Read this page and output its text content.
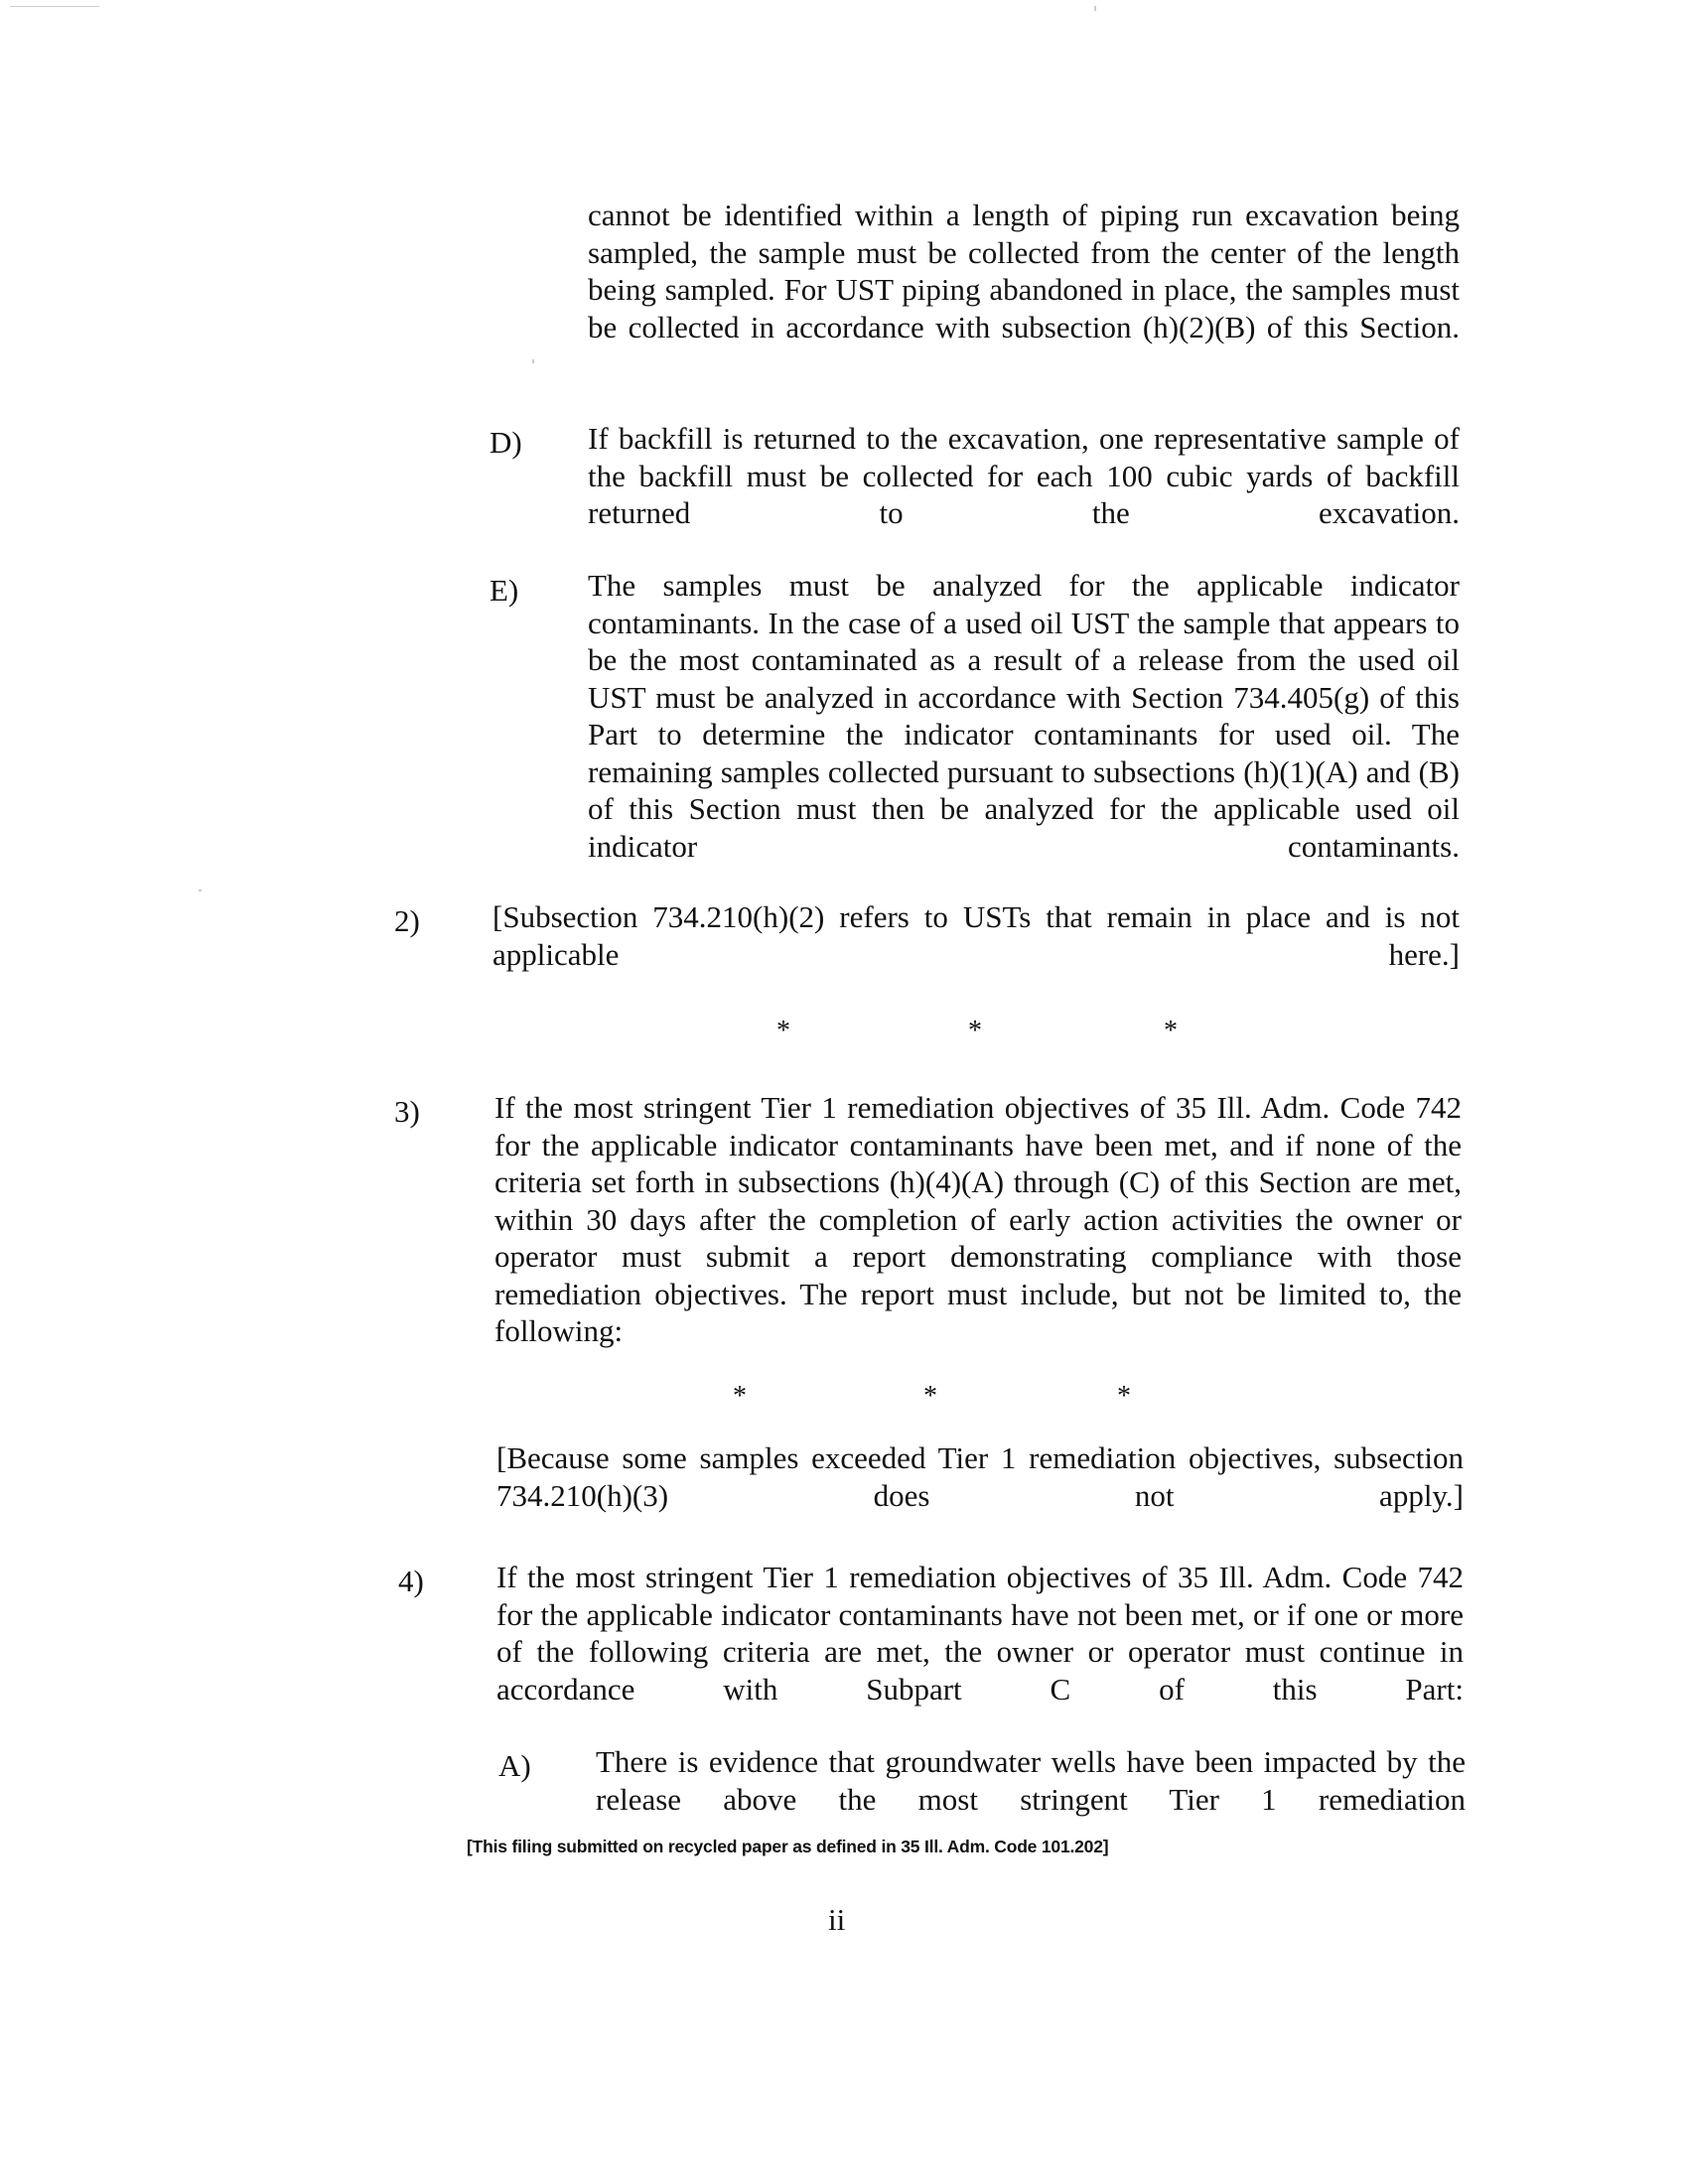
cannot be identified within a length of piping run excavation being sampled, the sample must be collected from the center of the length being sampled. For UST piping abandoned in place, the samples must be collected in accordance with subsection (h)(2)(B) of this Section.

D) If backfill is returned to the excavation, one representative sample of the backfill must be collected for each 100 cubic yards of backfill returned to the excavation.

E) The samples must be analyzed for the applicable indicator contaminants. In the case of a used oil UST the sample that appears to be the most contaminated as a result of a release from the used oil UST must be analyzed in accordance with Section 734.405(g) of this Part to determine the indicator contaminants for used oil. The remaining samples collected pursuant to subsections (h)(1)(A) and (B) of this Section must then be analyzed for the applicable used oil indicator contaminants.

2) [Subsection 734.210(h)(2) refers to USTs that remain in place and is not applicable here.]

*	*	*

3) If the most stringent Tier 1 remediation objectives of 35 Ill. Adm. Code 742 for the applicable indicator contaminants have been met, and if none of the criteria set forth in subsections (h)(4)(A) through (C) of this Section are met, within 30 days after the completion of early action activities the owner or operator must submit a report demonstrating compliance with those remediation objectives. The report must include, but not be limited to, the following:

*	*	*

[Because some samples exceeded Tier 1 remediation objectives, subsection 734.210(h)(3) does not apply.]

4) If the most stringent Tier 1 remediation objectives of 35 Ill. Adm. Code 742 for the applicable indicator contaminants have not been met, or if one or more of the following criteria are met, the owner or operator must continue in accordance with Subpart C of this Part:

A) There is evidence that groundwater wells have been impacted by the release above the most stringent Tier 1 remediation

[This filing submitted on recycled paper as defined in 35 Ill. Adm. Code 101.202]
ii
